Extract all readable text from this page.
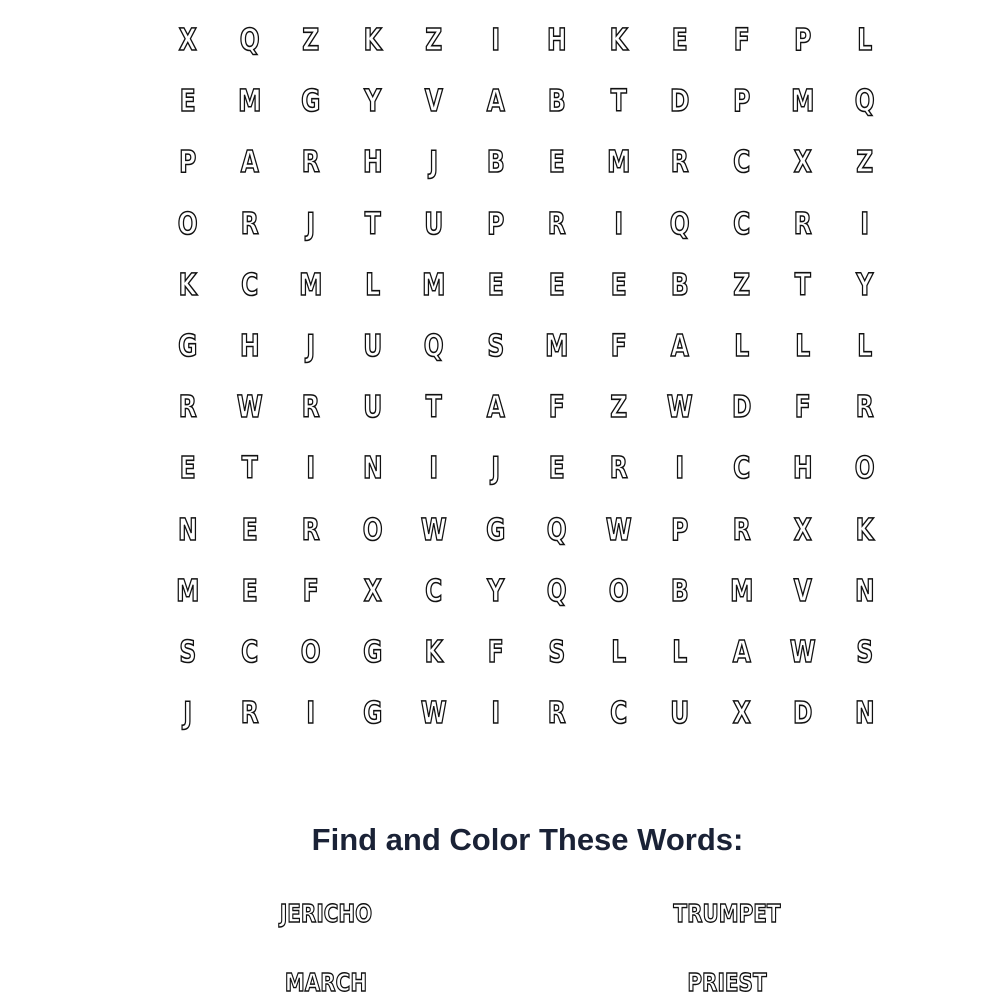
X	Q	Z	K	Z	I	H	K	E	F	P	L
E	M	G	Y	V	A	B	T	D	P	M	Q
P	A	R	H	J	B	E	M	R	C	X	Z
O	R	J	T	U	P	R	I	Q	C	R	I
K	C	M	L	M	E	E	E	B	Z	T	Y
G	H	J	U	Q	S	M	F	A	L	L	L
R	W	R	U	T	A	F	Z	W	D	F	R
E	T	I	N	I	J	E	R	I	C	H	O
N	E	R	O	W	G	Q	W	P	R	X	K
M	E	F	X	C	Y	Q	O	B	M	V	N
S	C	O	G	K	F	S	L	L	A	W	S
J	R	I	G	W	I	R	C	U	X	D	N
Find and Color These Words:
JERICHO	TRUMPET
MARCH	PRIEST
